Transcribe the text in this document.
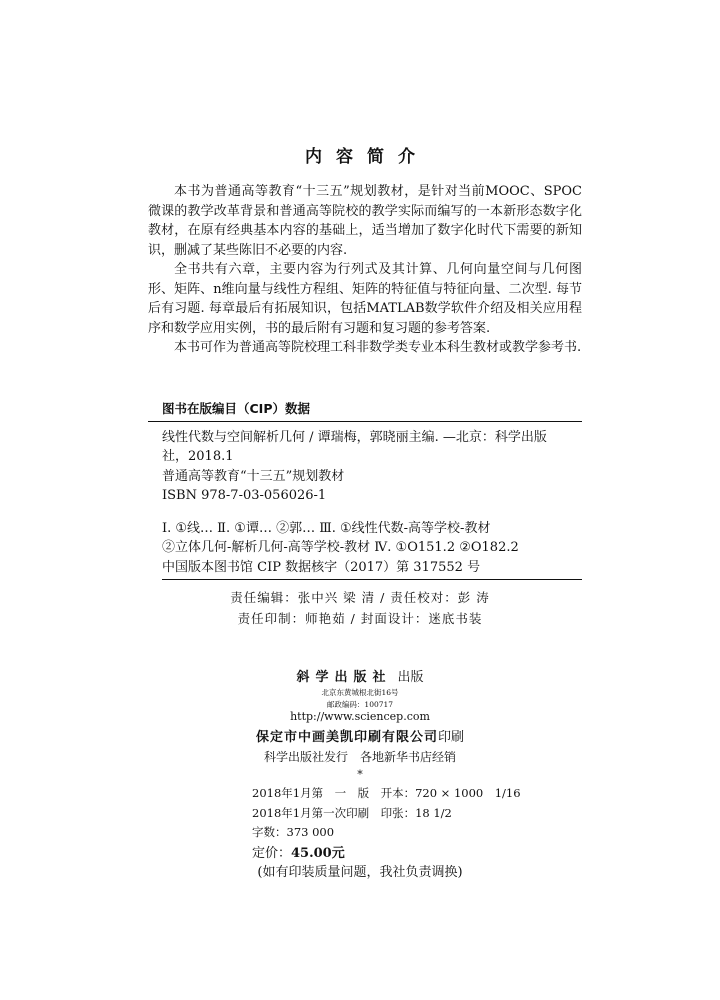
内容简介

本书为普通高等教育“十三五”规划教材，是针对当前MOOC、SPOC微课的教学改革背景和普通高等院校的教学实际而编写的一本新形态数字化教材，在原有经典基本内容的基础上，适当增加了数字化时代下需要的新知识，删减了某些陈旧不必要的内容.

全书共有六章，主要内容为行列式及其计算、几何向量空间与几何图形、矩阵、n维向量与线性方程组、矩阵的特征值与特征向量、二次型. 每节后有习题. 每章最后有拓展知识，包括MATLAB数学软件介绍及相关应用程序和数学应用实例，书的最后附有习题和复习题的参考答案.

本书可作为普通高等院校理工科非数学类专业本科生教材或教学参考书.

图书在版编目（CIP）数据
线性代数与空间解析几何 / 谭瑞梅，郭晓丽主编. —北京：科学出版
社，2018.1
普通高等教育“十三五”规划教材
ISBN 978-7-03-056026-1
Ⅰ. ①线… Ⅱ. ①谭… ②郭… Ⅲ. ①线性代数-高等学校-教材
②立体几何-解析几何-高等学校-教材 Ⅳ. ①O151.2 ②O182.2
中国版本图书馆 CIP 数据核字（2017）第 317552 号
责任编辑：张中兴 梁 清 / 责任校对：彭 涛
责任印制：师艳茹 / 封面设计：迷底书装
斜学出版社 出版
北京东黄城根北街16号
邮政编码：100717
http://www.sciencep.com
保定市中画美凯印刷有限公司印刷
科学出版社发行　各地新华书店经销
*
2018年1月第　一　版　开本：720 × 1000　1/16
2018年1月第一次印刷　印张：18 1/2
字数：373 000
定价：45.00元
(如有印装质量问题，我社负责调换)
